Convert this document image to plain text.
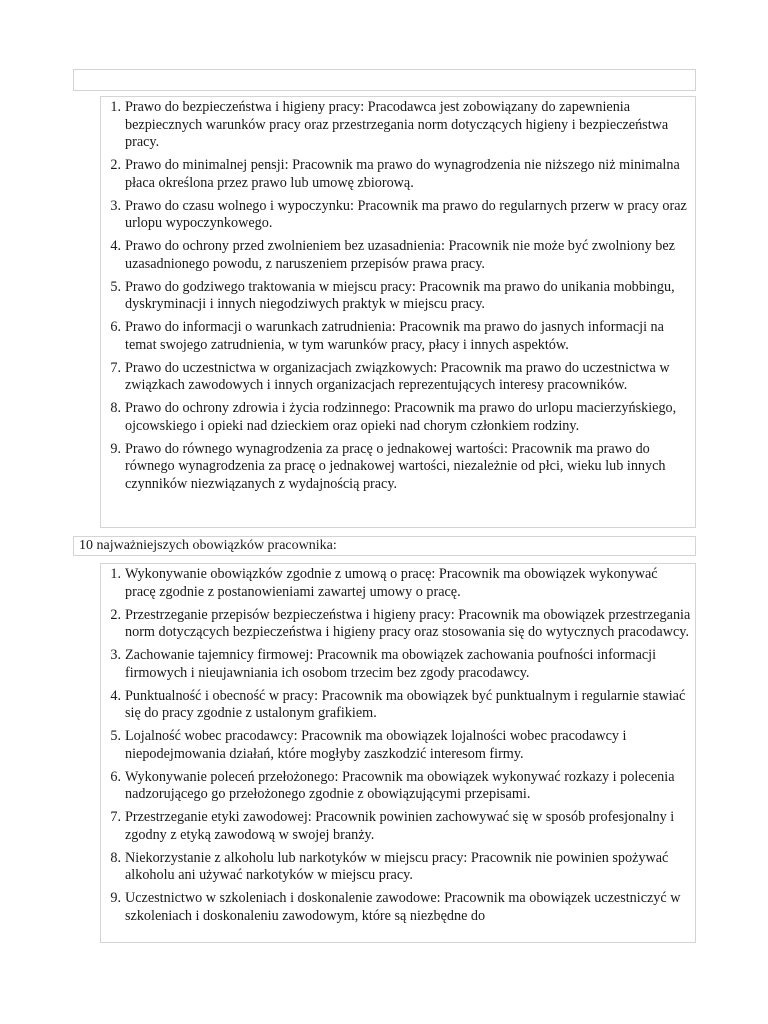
1. Prawo do bezpieczeństwa i higieny pracy: Pracodawca jest zobowiązany do zapewnienia bezpiecznych warunków pracy oraz przestrzegania norm dotyczących higieny i bezpieczeństwa pracy.
2. Prawo do minimalnej pensji: Pracownik ma prawo do wynagrodzenia nie niższego niż minimalna płaca określona przez prawo lub umowę zbiorową.
3. Prawo do czasu wolnego i wypoczynku: Pracownik ma prawo do regularnych przerw w pracy oraz urlopu wypoczynkowego.
4. Prawo do ochrony przed zwolnieniem bez uzasadnienia: Pracownik nie może być zwolniony bez uzasadnionego powodu, z naruszeniem przepisów prawa pracy.
5. Prawo do godziwego traktowania w miejscu pracy: Pracownik ma prawo do unikania mobbingu, dyskryminacji i innych niegodziwych praktyk w miejscu pracy.
6. Prawo do informacji o warunkach zatrudnienia: Pracownik ma prawo do jasnych informacji na temat swojego zatrudnienia, w tym warunków pracy, płacy i innych aspektów.
7. Prawo do uczestnictwa w organizacjach związkowych: Pracownik ma prawo do uczestnictwa w związkach zawodowych i innych organizacjach reprezentujących interesy pracowników.
8. Prawo do ochrony zdrowia i życia rodzinnego: Pracownik ma prawo do urlopu macierzyńskiego, ojcowskiego i opieki nad dzieckiem oraz opieki nad chorym członkiem rodziny.
9. Prawo do równego wynagrodzenia za pracę o jednakowej wartości: Pracownik ma prawo do równego wynagrodzenia za pracę o jednakowej wartości, niezależnie od płci, wieku lub innych czynników niezwiązanych z wydajnością pracy.
10 najważniejszych obowiązków pracownika:
1. Wykonywanie obowiązków zgodnie z umową o pracę: Pracownik ma obowiązek wykonywać pracę zgodnie z postanowieniami zawartej umowy o pracę.
2. Przestrzeganie przepisów bezpieczeństwa i higieny pracy: Pracownik ma obowiązek przestrzegania norm dotyczących bezpieczeństwa i higieny pracy oraz stosowania się do wytycznych pracodawcy.
3. Zachowanie tajemnicy firmowej: Pracownik ma obowiązek zachowania poufności informacji firmowych i nieujawniania ich osobom trzecim bez zgody pracodawcy.
4. Punktualność i obecność w pracy: Pracownik ma obowiązek być punktualnym i regularnie stawiać się do pracy zgodnie z ustalonym grafikiem.
5. Lojalność wobec pracodawcy: Pracownik ma obowiązek lojalności wobec pracodawcy i niepodejmowania działań, które mogłyby zaszkodzić interesom firmy.
6. Wykonywanie poleceń przełożonego: Pracownik ma obowiązek wykonywać rozkazy i polecenia nadzorującego go przełożonego zgodnie z obowiązującymi przepisami.
7. Przestrzeganie etyki zawodowej: Pracownik powinien zachowywać się w sposób profesjonalny i zgodny z etyką zawodową w swojej branży.
8. Niekorzystanie z alkoholu lub narkotyków w miejscu pracy: Pracownik nie powinien spożywać alkoholu ani używać narkotyków w miejscu pracy.
9. Uczestnictwo w szkoleniach i doskonalenie zawodowe: Pracownik ma obowiązek uczestniczyć w szkoleniach i doskonaleniu zawodowym, które są niezbędne do
